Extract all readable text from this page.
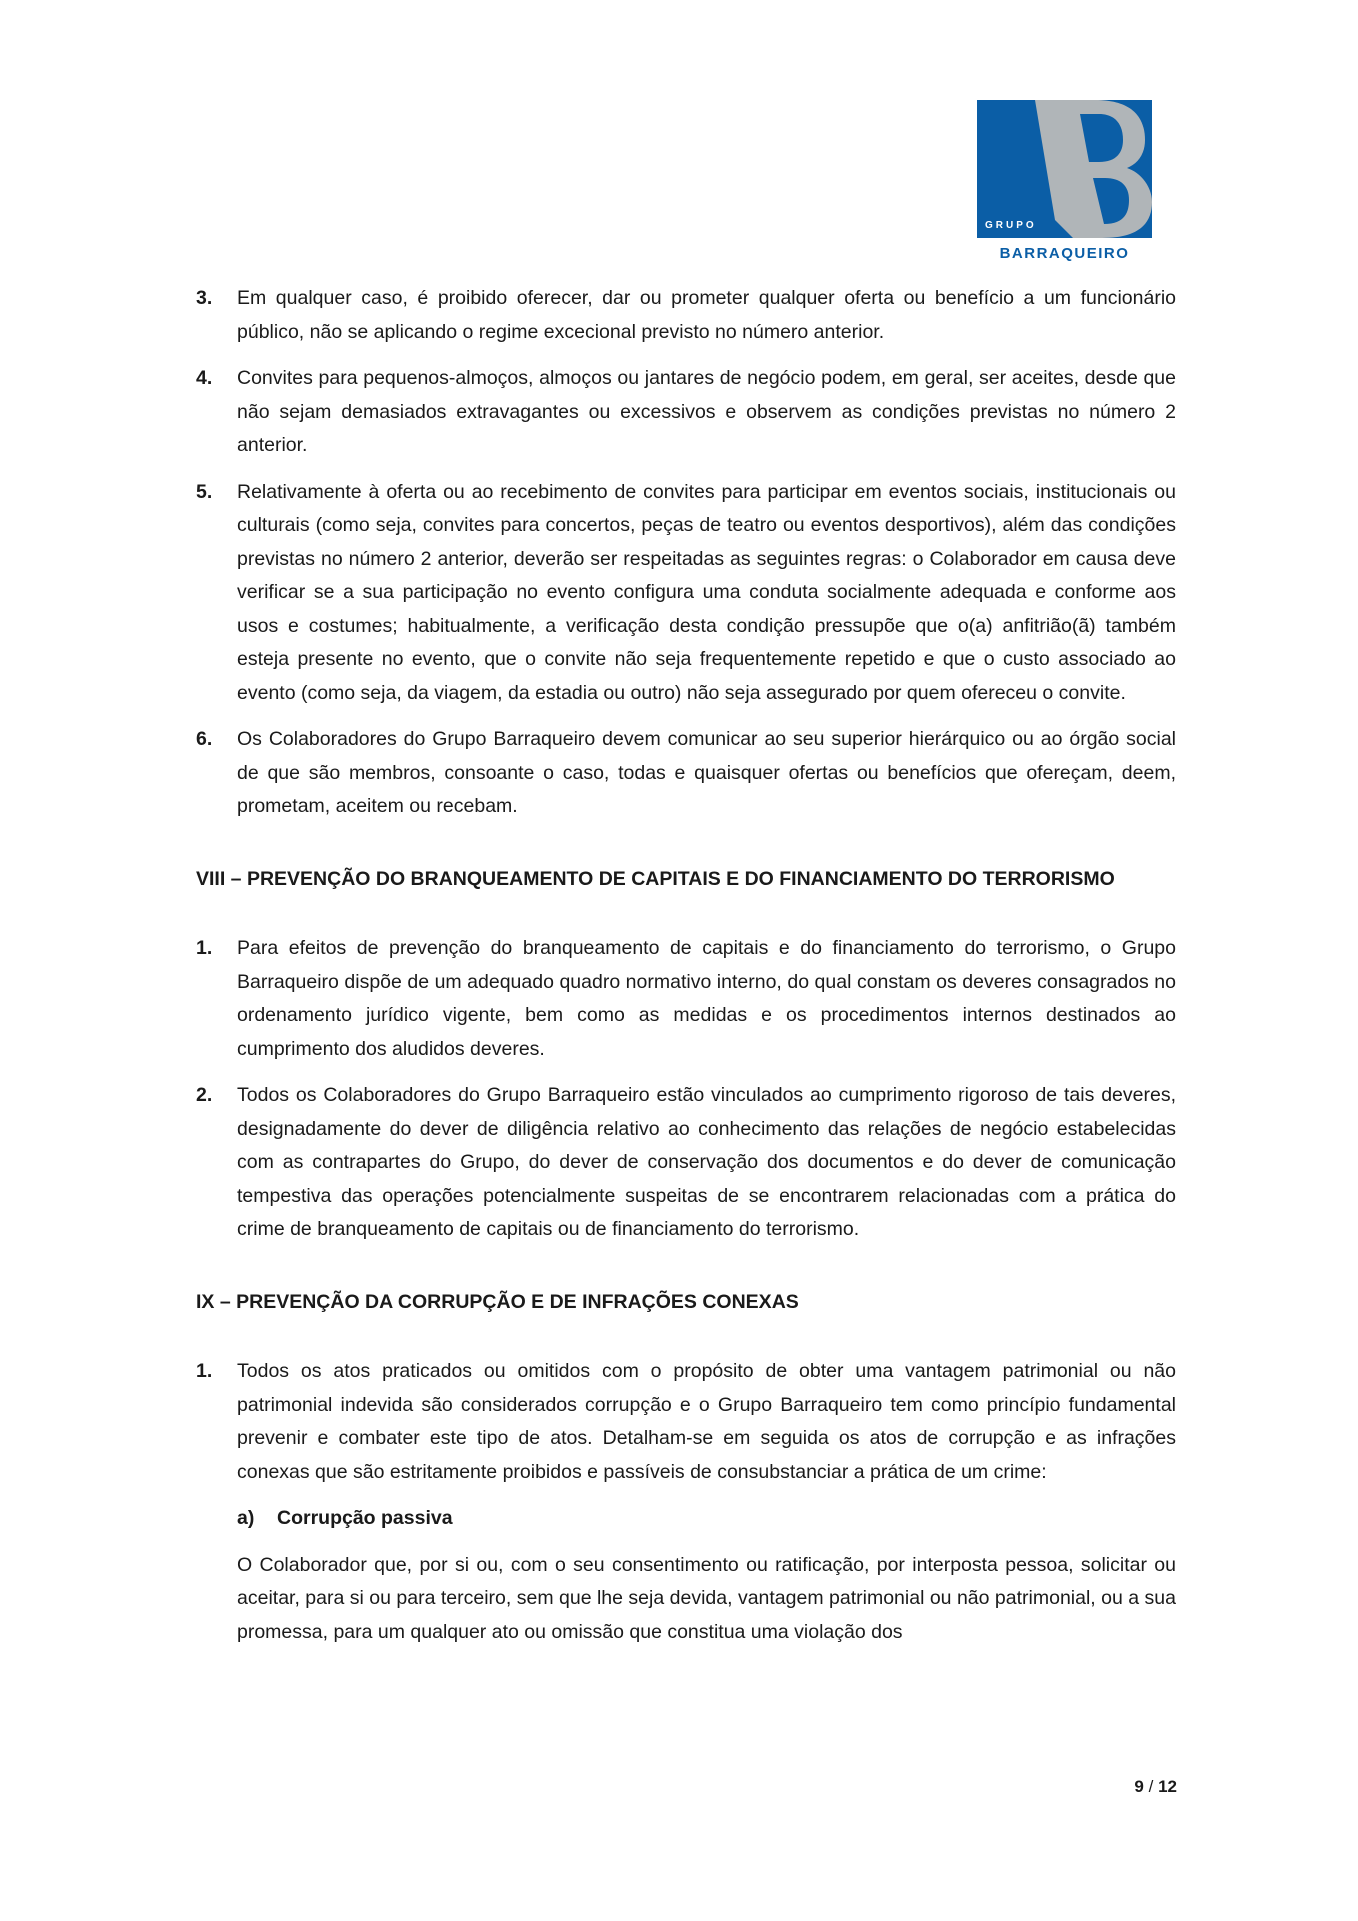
GRUPO
BARRAQUEIRO
3. Em qualquer caso, é proibido oferecer, dar ou prometer qualquer oferta ou benefício a um funcionário público, não se aplicando o regime excecional previsto no número anterior.
4. Convites para pequenos-almoços, almoços ou jantares de negócio podem, em geral, ser aceites, desde que não sejam demasiados extravagantes ou excessivos e observem as condições previstas no número 2 anterior.
5. Relativamente à oferta ou ao recebimento de convites para participar em eventos sociais, institucionais ou culturais (como seja, convites para concertos, peças de teatro ou eventos desportivos), além das condições previstas no número 2 anterior, deverão ser respeitadas as seguintes regras: o Colaborador em causa deve verificar se a sua participação no evento configura uma conduta socialmente adequada e conforme aos usos e costumes; habitualmente, a verificação desta condição pressupõe que o(a) anfitrião(ã) também esteja presente no evento, que o convite não seja frequentemente repetido e que o custo associado ao evento (como seja, da viagem, da estadia ou outro) não seja assegurado por quem ofereceu o convite.
6. Os Colaboradores do Grupo Barraqueiro devem comunicar ao seu superior hierárquico ou ao órgão social de que são membros, consoante o caso, todas e quaisquer ofertas ou benefícios que ofereçam, deem, prometam, aceitem ou recebam.
VIII – PREVENÇÃO DO BRANQUEAMENTO DE CAPITAIS E DO FINANCIAMENTO DO TERRORISMO
1. Para efeitos de prevenção do branqueamento de capitais e do financiamento do terrorismo, o Grupo Barraqueiro dispõe de um adequado quadro normativo interno, do qual constam os deveres consagrados no ordenamento jurídico vigente, bem como as medidas e os procedimentos internos destinados ao cumprimento dos aludidos deveres.
2. Todos os Colaboradores do Grupo Barraqueiro estão vinculados ao cumprimento rigoroso de tais deveres, designadamente do dever de diligência relativo ao conhecimento das relações de negócio estabelecidas com as contrapartes do Grupo, do dever de conservação dos documentos e do dever de comunicação tempestiva das operações potencialmente suspeitas de se encontrarem relacionadas com a prática do crime de branqueamento de capitais ou de financiamento do terrorismo.
IX – PREVENÇÃO DA CORRUPÇÃO E DE INFRAÇÕES CONEXAS
1. Todos os atos praticados ou omitidos com o propósito de obter uma vantagem patrimonial ou não patrimonial indevida são considerados corrupção e o Grupo Barraqueiro tem como princípio fundamental prevenir e combater este tipo de atos. Detalham-se em seguida os atos de corrupção e as infrações conexas que são estritamente proibidos e passíveis de consubstanciar a prática de um crime:
a) Corrupção passiva
O Colaborador que, por si ou, com o seu consentimento ou ratificação, por interposta pessoa, solicitar ou aceitar, para si ou para terceiro, sem que lhe seja devida, vantagem patrimonial ou não patrimonial, ou a sua promessa, para um qualquer ato ou omissão que constitua uma violação dos
9 / 12
